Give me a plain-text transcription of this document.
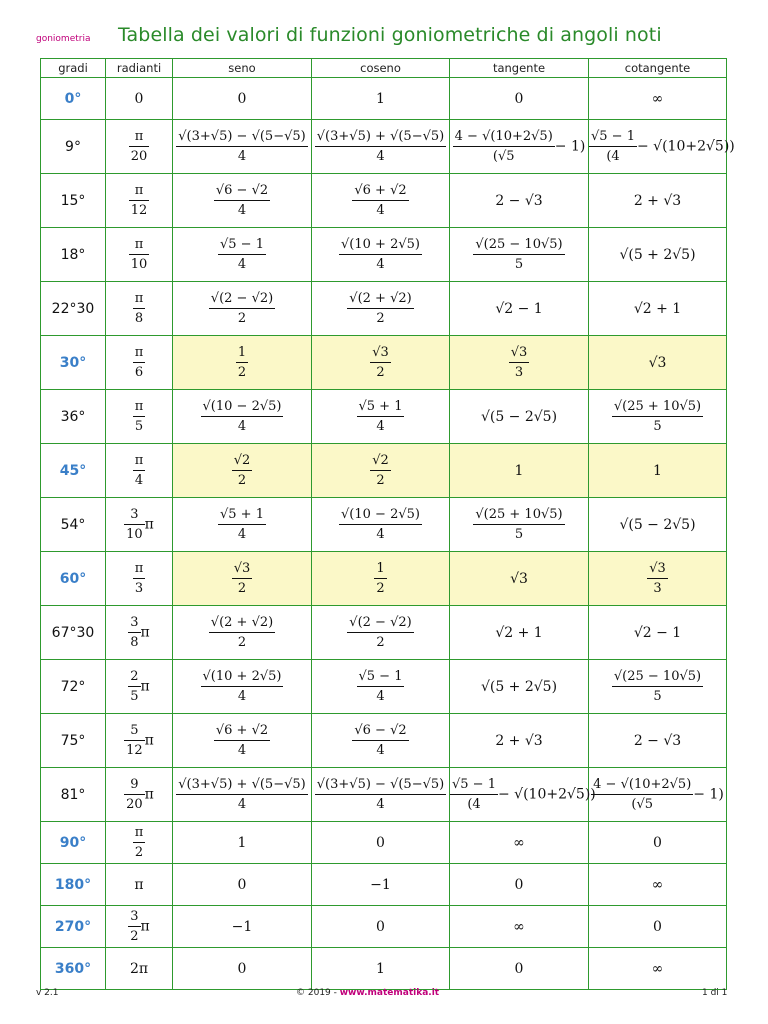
goniometria Tabella dei valori di funzioni goniometriche di angoli noti
gradi	radianti	seno	coseno	tangente	cotangente
0°	0	0	1	0	∞
9°	$\frac{\pi}{20}$	$\frac{√(3+√5) - √(5-√5)}{4}$	$\frac{√(3+√5) + √(5-√5)}{4}$	$\frac{4 - √(10+2√5)}{(√5} - 1$)	$\frac{√5 - 1}{(4} - √(10+2√5)$)
15°	$\frac{\pi}{12}$	$\frac{√6 - √2}{4}$	$\frac{√6 + √2}{4}$	2 − √3	2 + √3
18°	$\frac{\pi}{10}$	$\frac{√5 - 1}{4}$	$\frac{√(10 + 2√5)}{4}$	$\frac{√(25 - 10√5)}{5}$	√(5 + 2√5)
22°30	$\frac{\pi}{8}$	$\frac{√(2 - √2)}{2}$	$\frac{√(2 + √2)}{2}$	√2 − 1	√2 + 1
30°	$\frac{\pi}{6}$	$\frac{1}{2}$	$\frac{√3}{2}$	$\frac{√3}{3}$	√3
36°	$\frac{\pi}{5}$	$\frac{√(10 - 2√5)}{4}$	$\frac{√5 + 1}{4}$	√(5 − 2√5)	$\frac{√(25 + 10√5)}{5}$

45°	$\frac{\pi}{4}$	$\frac{√2}{2}$	$\frac{√2}{2}$	1	1
54°	$\frac{3}{10}$ π	$\frac{√5 + 1}{4}$	$\frac{√(10 - 2√5)}{4}$	$\frac{√(25 + 10√5)}{5}$	√(5 − 2√5)
60°	$\frac{\pi}{3}$	$\frac{√3}{2}$	$\frac{1}{2}$	√3	$\frac{√3}{3}$

67°30	$\frac{3}{8}$ π	$\frac{√(2 + √2)}{2}$	$\frac{√(2 - √2)}{2}$	√2 + 1	√2 − 1
72°	$\frac{2}{5}$ π	$\frac{√(10 + 2√5)}{4}$	$\frac{√5 - 1}{4}$	√(5 + 2√5)	$\frac{√(25 - 10√5)}{5}$

75°	$\frac{5}{12}$ π	$\frac{√6 + √2}{4}$	$\frac{√6 - √2}{4}$	2 + √3	2 − √3
81°	$\frac{9}{20}$ π	$\frac{√(3+√5) + √(5-√5)}{4}$	$\frac{√(3+√5) - √(5-√5)}{4}$	$\frac{√5 - 1}{(4} - √(10+2√5)$)	$\frac{4 - √(10+2√5)}{(√5} - 1$)
90°	$\frac{\pi}{2}$	1	0	∞	0
180°	π	0	−1	0	∞
270°	$\frac{3}{2}$ π	−1	0	∞	0
360°	2π	0	1	0	∞
v 2.1	© 2019 - www.matematika.it	1 di 1
